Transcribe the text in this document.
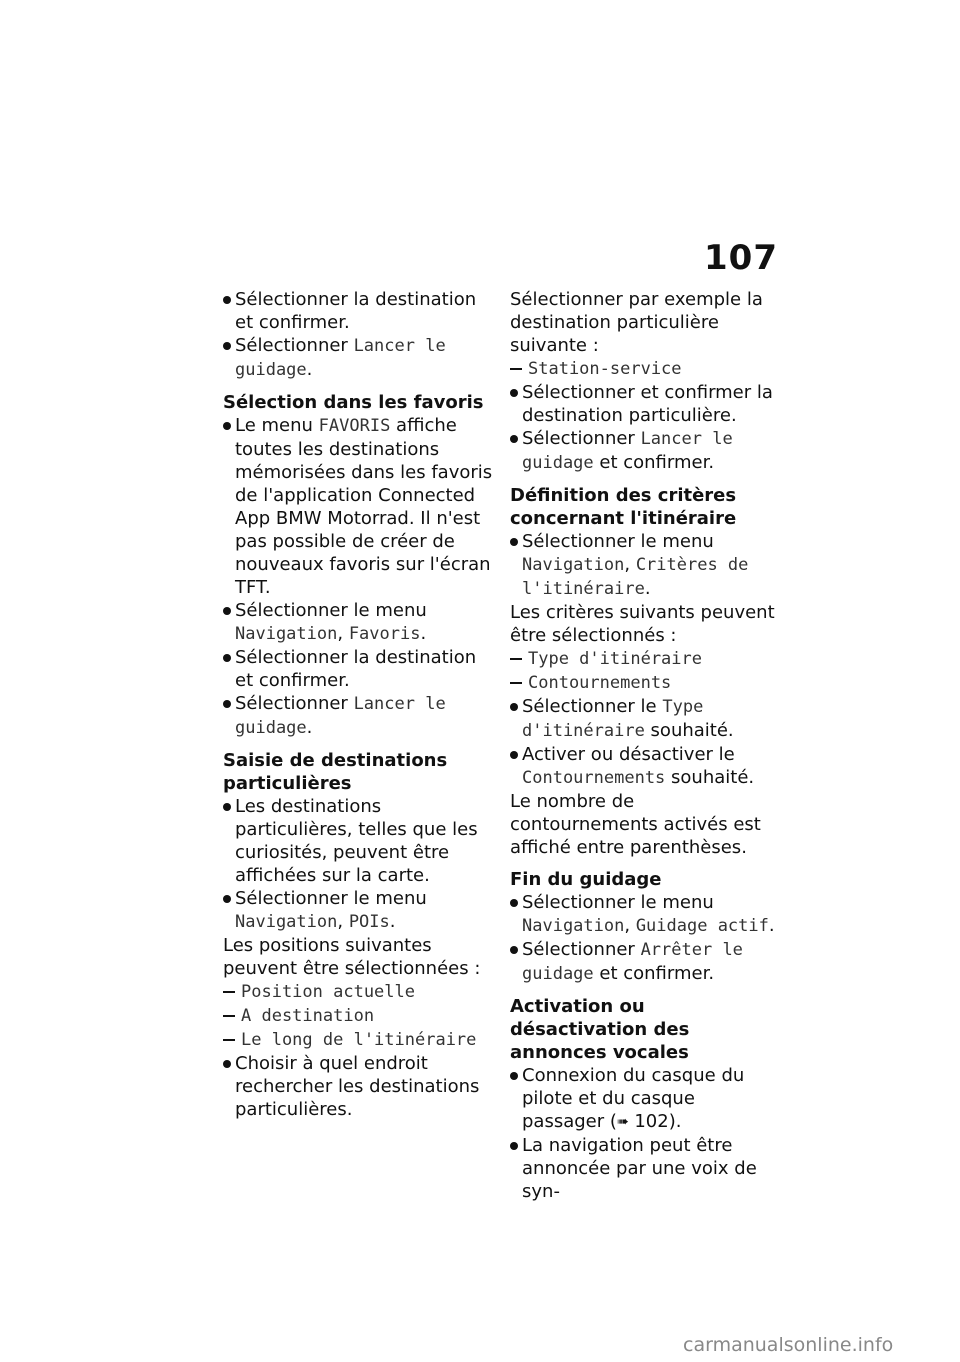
107
Sélectionner la destination et confirmer.
Sélectionner Lancer le guidage.
Sélection dans les favoris
Le menu FAVORIS affiche toutes les destinations mémorisées dans les favoris de l'application Connected App BMW Motorrad. Il n'est pas possible de créer de nouveaux favoris sur l'écran TFT.
Sélectionner le menu Navigation, Favoris.
Sélectionner la destination et confirmer.
Sélectionner Lancer le guidage.
Saisie de destinations particulières
Les destinations particulières, telles que les curiosités, peuvent être affichées sur la carte.
Sélectionner le menu Navigation, POIs.
Les positions suivantes peuvent être sélectionnées :
Position actuelle
A destination
Le long de l'itinéraire
Choisir à quel endroit rechercher les destinations particulières.
Sélectionner par exemple la destination particulière suivante :
Station-service
Sélectionner et confirmer la destination particulière.
Sélectionner Lancer le guidage et confirmer.
Définition des critères concernant l'itinéraire
Sélectionner le menu Navigation, Critères de l'itinéraire.
Les critères suivants peuvent être sélectionnés :
Type d'itinéraire
Contournements
Sélectionner le Type d'itinéraire souhaité.
Activer ou désactiver le Contournements souhaité.
Le nombre de contournements activés est affiché entre parenthèses.
Fin du guidage
Sélectionner le menu Navigation, Guidage actif.
Sélectionner Arrêter le guidage et confirmer.
Activation ou désactivation des annonces vocales
Connexion du casque du pilote et du casque passager (➠ 102).
La navigation peut être annoncée par une voix de syn-
carmanualsonline.info
